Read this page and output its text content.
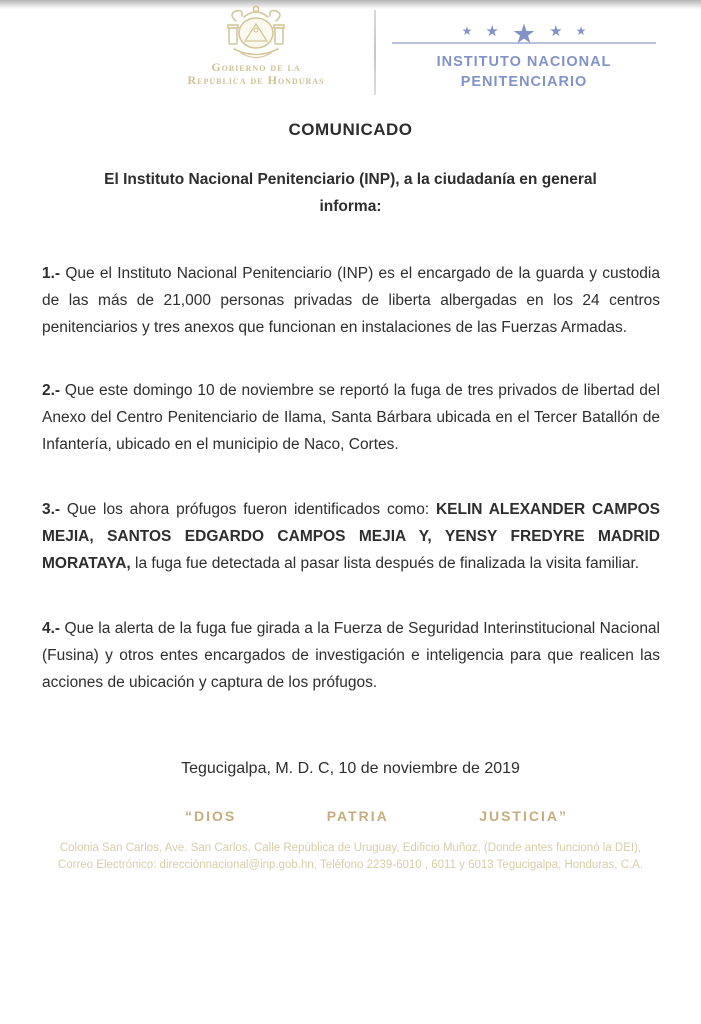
Gobierno de la
República de Honduras
★ ★ ★ ★ ★
INSTITUTO NACIONAL
PENITENCIARIO
COMUNICADO
El Instituto Nacional Penitenciario (INP), a la ciudadanía en general informa:

1.- Que el Instituto Nacional Penitenciario (INP) es el encargado de la guarda y custodia de las más de 21,000 personas privadas de liberta albergadas en los 24 centros penitenciarios y tres anexos que funcionan en instalaciones de las Fuerzas Armadas.

2.- Que este domingo 10 de noviembre se reportó la fuga de tres privados de libertad del Anexo del Centro Penitenciario de Ilama, Santa Bárbara ubicada en el Tercer Batallón de Infantería, ubicado en el municipio de Naco, Cortes.

3.- Que los ahora prófugos fueron identificados como: KELIN ALEXANDER CAMPOS MEJIA, SANTOS EDGARDO CAMPOS MEJIA Y, YENSY FREDYRE MADRID MORATAYA, la fuga fue detectada al pasar lista después de finalizada la visita familiar.

4.- Que la alerta de la fuga fue girada a la Fuerza de Seguridad Interinstitucional Nacional (Fusina) y otros entes encargados de investigación e inteligencia para que realicen las acciones de ubicación y captura de los prófugos.

Tegucigalpa, M. D. C, 10 de noviembre de 2019

“DIOS	PATRIA	JUSTICIA”
Colonia San Carlos, Ave. San Carlos, Calle República de Uruguay, Edificio Muñoz, (Donde antes funcionó la DEI),
Correo Electrónico: direcciónnacional@inp.gob.hn, Teléfono 2239-6010 , 6011 y 6013 Tegucigalpa, Honduras, C.A.
